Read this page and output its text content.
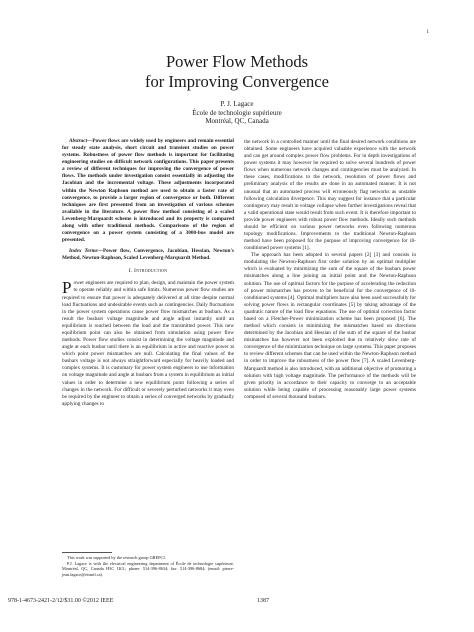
1
Power Flow Methods
for Improving Convergence
P. J. Lagace
École de technologie supérieure
Montréal, QC, Canada

Abstract—Power flows are widely used by engineers and remain essential for steady state analysis, short circuit and transient studies on power systems. Robustness of power flow methods is important for facilitating engineering studies on difficult network configurations. This paper presents a review of different techniques for improving the convergence of power flows. The methods under investigation consist essentially in adjusting the Jacobian and the incremental voltage. These adjustments incorporated within the Newton Raphson method are used to obtain a faster rate of convergence, to provide a larger region of convergence or both. Different techniques are first presented from an investigation of various schemes available in the literature. A power flow method consisting of a scaled Levenberg-Marquardt scheme is introduced and its property is compared along with other traditional methods. Comparisons of the region of convergence on a power system consisting of a 3000-bus model are presented.

Index Terms—Power flow, Convergence, Jacobian, Hessian, Newton's Method, Newton-Raphson, Scaled Levenberg-Marquardt Method.

I. Introduction

Power engineers are required to plan, design, and maintain the power system to operate reliably and within safe limits. Numerous power flow studies are required to ensure that power is adequately delivered at all time despite normal load fluctuations and undesirable events such as contingencies. Daily fluctuations in the power system operations cause power flow mismatches at busbars. As a result the busbars voltage magnitude and angle adjust instantly until an equilibrium is reached between the load and the transmitted power. This new equilibrium point can also be obtained from simulation using power flow methods. Power flow studies consist in determining the voltage magnitude and angle at each busbar until there is an equilibrium in active and reactive power at which point power mismatches are null. Calculating the final values of the busbars voltage is not always straightforward especially for heavily loaded and complex systems. It is customary for power system engineers to use information on voltage magnitude and angle at busbars from a system in equilibrium as initial values in order to determine a new equilibrium point following a series of changes in the network. For difficult or severely perturbed networks it may even be required by the engineer to obtain a series of converged networks by gradually applying changes to

the network in a controlled manner until the final desired network conditions are obtained. Some engineers have acquired valuable experience with the network and can get around complex power flow problems. For in depth investigations of power systems it may however be required to solve several hundreds of power flows when numerous network changes and contingencies must be analyzed. In these cases, modifications to the network, resolution of power flows and preliminary analysis of the results are done in an automated manner. It is not unusual that an automated process will erroneously flag networks as unstable following calculation divergence. This may suggest for instance that a particular contingency may result in voltage collapse when further investigations reveal that a valid operational state would result from such event. It is therefore important to provide power engineers with robust power flow methods. Ideally such methods should be efficient on various power networks even following numerous topology modifications. Improvements to the traditional Newton-Raphson method have been proposed for the purpose of improving convergence for ill-conditioned power systems [1].

The approach has been adopted in several papers [2] [3] and consists in modulating the Newton-Raphson first order solution by an optimal multiplier which is evaluated by minimizing the sum of the square of the busbars power mismatches along a line joining an initial point and the Newton-Raphson solution. The use of optimal factors for the purpose of accelerating the reduction of power mismatches has proven to be beneficial for the convergence of ill-conditioned systems [4]. Optimal multipliers have also been used successfully for solving power flows in rectangular coordinates [5] by taking advantage of the quadratic nature of the load flow equations. The use of optimal correction factor based on a Fletcher-Power minimization scheme has been proposed [6]. The method which consists in minimizing the mismatches based on directions determined by the Jacobian and Hessian of the sum of the square of the busbar mismatches has however not been exploited due to relatively slow rate of convergence of the minimization technique on large systems. This paper proposes to review different schemes that can be used within the Newton-Raphson method in order to improve the robustness of the power flow [7]. A scaled Levenberg-Marquardt method is also introduced, with an additional objective of promoting a solution with high voltage magnitude. The performance of the methods will be given priority in accordance to their capacity to converge to an acceptable solution while being capable of processing reasonably large power systems composed of several thousand busbars.

This work was supported by the research group GREPCI.

P.J. Lagace is with the electrical engineering department of École de technologie supérieure, Montréal, QC, Canada H3C 1K3.; phone: 514-396-8634; fax: 514-396-8684; (email: pierre-jean.lagace@etsmtl.ca).

978-1-4673-2421-2/12/$31.00 ©2012 IEEE	1387
